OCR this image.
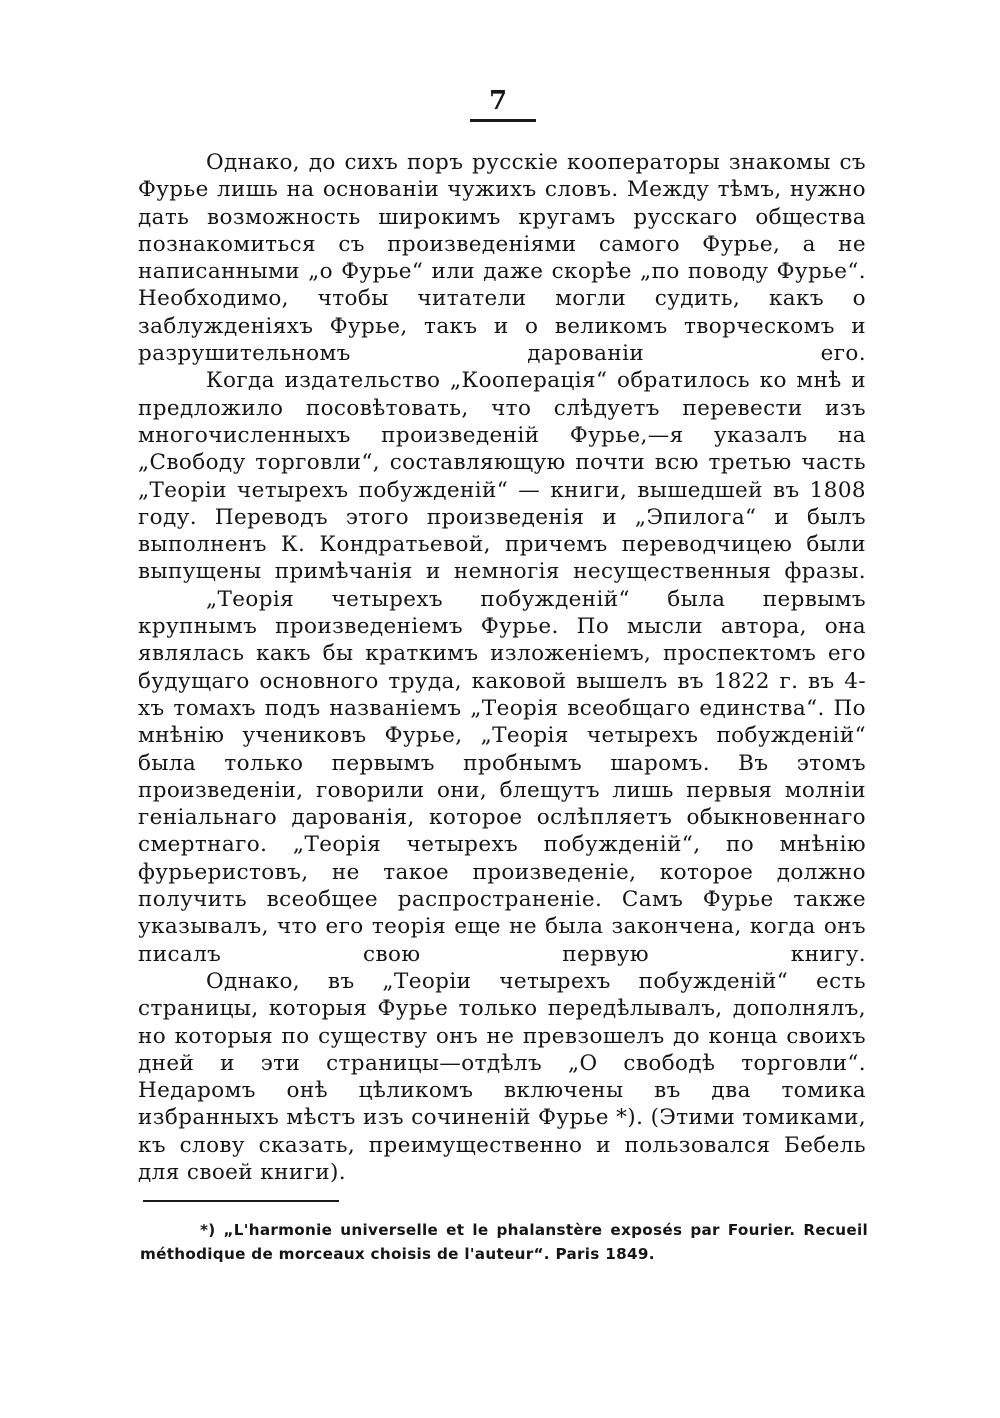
7

Однако, до сихъ поръ русскіе кооператоры знакомы съ Фурье лишь на основаніи чужихъ словъ. Между тѣмъ, нужно дать возможность широкимъ кругамъ русскаго общества познакомиться съ произведеніями самого Фурье, а не написанными „о Фурье“ или даже скорѣе „по поводу Фурье“. Необходимо, чтобы читатели могли судить, какъ о заблужденіяхъ Фурье, такъ и о великомъ творческомъ и разрушительномъ дарованіи его.

Когда издательство „Кооперація“ обратилось ко мнѣ и предложило посовѣтовать, что слѣдуетъ перевести изъ многочисленныхъ произведеній Фурье,—я указалъ на „Свободу торговли“, составляющую почти всю третью часть „Теоріи четырехъ побужденій“ — книги, вышедшей въ 1808 году. Переводъ этого произведенія и „Эпилога“ и былъ выполненъ К. Кондратьевой, причемъ переводчицею были выпущены примѣчанія и немногія несущественныя фразы.

„Теорія четырехъ побужденій“ была первымъ крупнымъ произведеніемъ Фурье. По мысли автора, она являлась какъ бы краткимъ изложеніемъ, проспектомъ его будущаго основного труда, каковой вышелъ въ 1822 г. въ 4-хъ томахъ подъ названіемъ „Теорія всеобщаго единства“. По мнѣнію учениковъ Фурье, „Теорія четырехъ побужденій“ была только первымъ пробнымъ шаромъ. Въ этомъ произведеніи, говорили они, блещутъ лишь первыя молніи геніальнаго дарованія, которое ослѣпляетъ обыкновеннаго смертнаго. „Теорія четырехъ побужденій“, по мнѣнію фурьеристовъ, не такое произведеніе, которое должно получить всеобщее распространеніе. Самъ Фурье также указывалъ, что его теорія еще не была закончена, когда онъ писалъ свою первую книгу.

Однако, въ „Теоріи четырехъ побужденій“ есть страницы, которыя Фурье только передѣлывалъ, дополнялъ, но которыя по существу онъ не превзошелъ до конца своихъ дней и эти страницы—отдѣлъ „О свободѣ торговли“. Недаромъ онѣ цѣликомъ включены въ два томика избранныхъ мѣстъ изъ сочиненій Фурье *). (Этими томиками, къ слову сказать, преимущественно и пользовался Бебель для своей книги).

*) „L'harmonie universelle et le phalanstère exposés par Fourier. Recueil méthodique de morceaux choisis de l'auteur“. Paris 1849.
